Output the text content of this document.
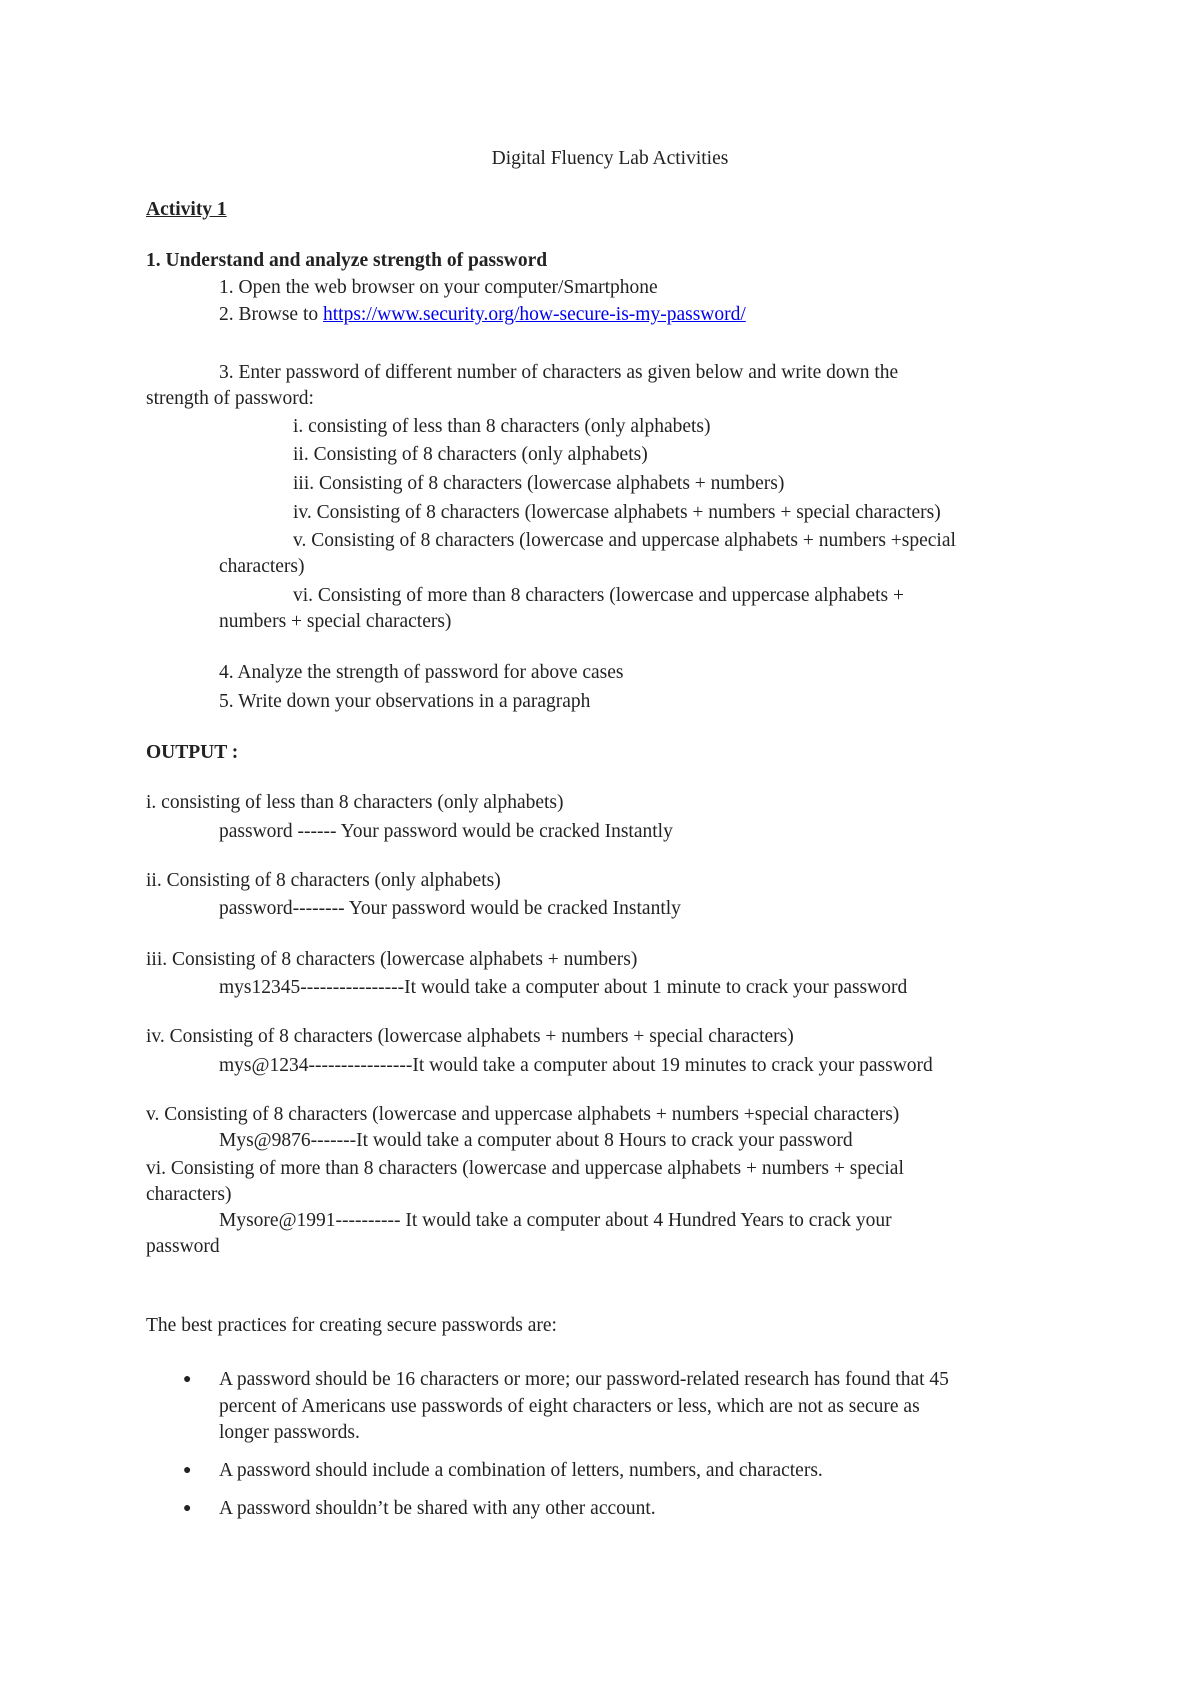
Digital Fluency Lab Activities
Activity 1
1. Understand and analyze strength of password
1. Open the web browser on your computer/Smartphone
2. Browse to https://www.security.org/how-secure-is-my-password/
3. Enter password of different number of characters as given below and write down the
strength of password:
i. consisting of less than 8 characters (only alphabets)
ii. Consisting of 8 characters (only alphabets)
iii. Consisting of 8 characters (lowercase alphabets + numbers)
iv. Consisting of 8 characters (lowercase alphabets + numbers + special characters)
v. Consisting of 8 characters (lowercase and uppercase alphabets + numbers +special
characters)
vi. Consisting of more than 8 characters (lowercase and uppercase alphabets +
numbers + special characters)
4. Analyze the strength of password for above cases
5. Write down your observations in a paragraph
OUTPUT :
i. consisting of less than 8 characters (only alphabets)
password ------ Your password would be cracked Instantly
ii. Consisting of 8 characters (only alphabets)
password-------- Your password would be cracked Instantly
iii. Consisting of 8 characters (lowercase alphabets + numbers)
mys12345----------------It would take a computer about 1 minute to crack your password
iv. Consisting of 8 characters (lowercase alphabets + numbers + special characters)
mys@1234----------------It would take a computer about 19 minutes to crack your password
v. Consisting of 8 characters (lowercase and uppercase alphabets + numbers +special characters)
Mys@9876-------It would take a computer about 8 Hours to crack your password
vi. Consisting of more than 8 characters (lowercase and uppercase alphabets + numbers + special
characters)
Mysore@1991---------- It would take a computer about 4 Hundred Years to crack your
password
The best practices for creating secure passwords are:
● A password should be 16 characters or more; our password-related research has found that 45
percent of Americans use passwords of eight characters or less, which are not as secure as
longer passwords.
● A password should include a combination of letters, numbers, and characters.
● A password shouldn’t be shared with any other account.
